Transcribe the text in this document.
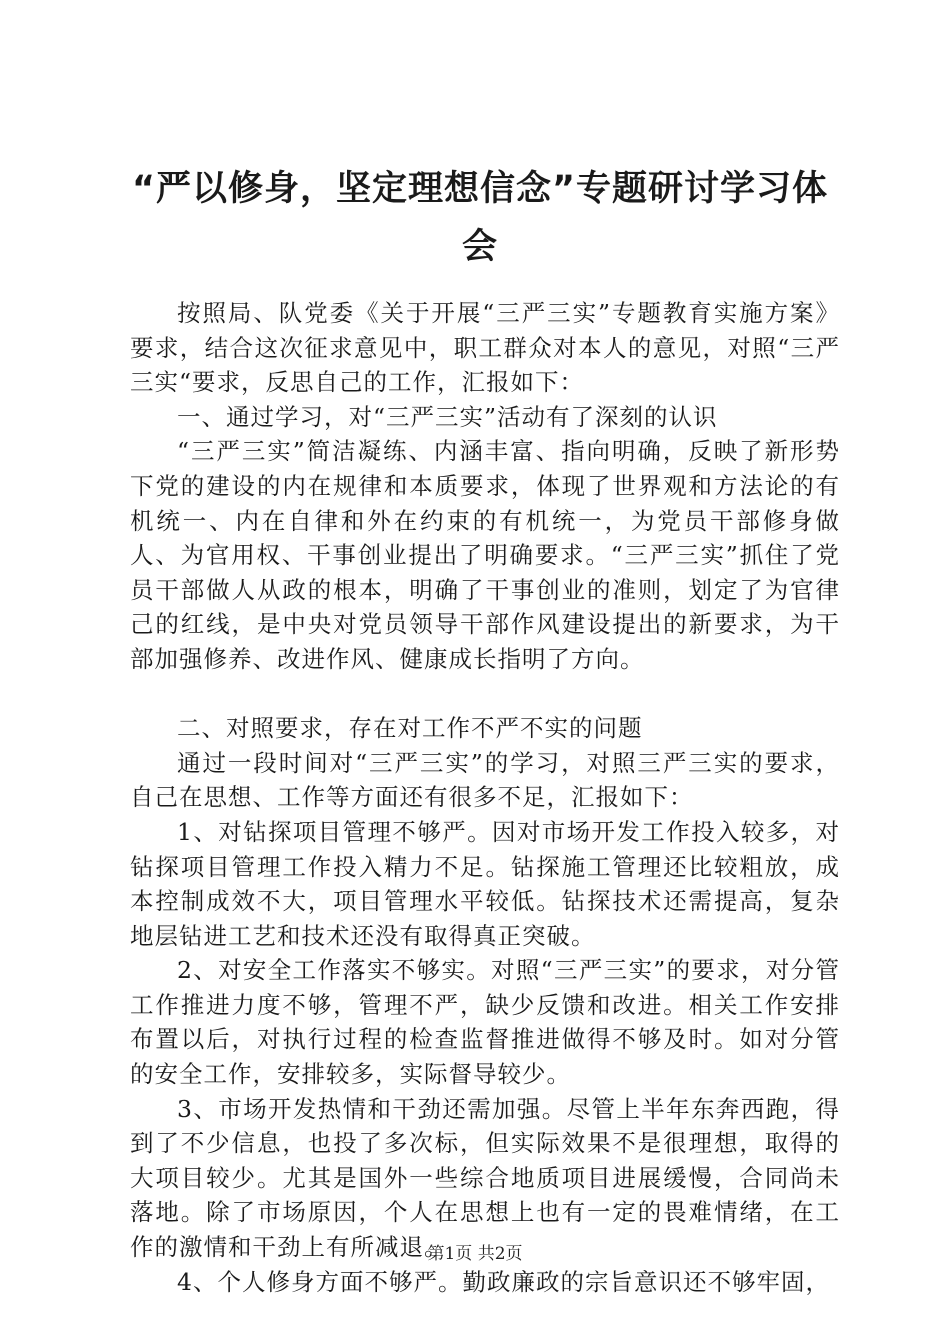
“严以修身，坚定理想信念”专题研讨学习体会

按照局、队党委《关于开展“三严三实”专题教育实施方案》要求，结合这次征求意见中，职工群众对本人的意见，对照“三严三实“要求，反思自己的工作，汇报如下：

一、通过学习，对“三严三实”活动有了深刻的认识

“三严三实”简洁凝练、内涵丰富、指向明确，反映了新形势下党的建设的内在规律和本质要求，体现了世界观和方法论的有机统一、内在自律和外在约束的有机统一，为党员干部修身做人、为官用权、干事创业提出了明确要求。“三严三实”抓住了党员干部做人从政的根本，明确了干事创业的准则，划定了为官律己的红线，是中央对党员领导干部作风建设提出的新要求，为干部加强修养、改进作风、健康成长指明了方向。

二、对照要求，存在对工作不严不实的问题

通过一段时间对“三严三实”的学习，对照三严三实的要求，自己在思想、工作等方面还有很多不足，汇报如下：

1、对钻探项目管理不够严。因对市场开发工作投入较多，对钻探项目管理工作投入精力不足。钻探施工管理还比较粗放，成本控制成效不大，项目管理水平较低。钻探技术还需提高，复杂地层钻进工艺和技术还没有取得真正突破。

2、对安全工作落实不够实。对照“三严三实”的要求，对分管工作推进力度不够，管理不严，缺少反馈和改进。相关工作安排布置以后，对执行过程的检查监督推进做得不够及时。如对分管的安全工作，安排较多，实际督导较少。

3、市场开发热情和干劲还需加强。尽管上半年东奔西跑，得到了不少信息，也投了多次标，但实际效果不是很理想，取得的大项目较少。尤其是国外一些综合地质项目进展缓慢，合同尚未落地。除了市场原因，个人在思想上也有一定的畏难情绪，在工作的激情和干劲上有所减退。

4、个人修身方面不够严。勤政廉政的宗旨意识还不够牢固，

第1页 共2页
